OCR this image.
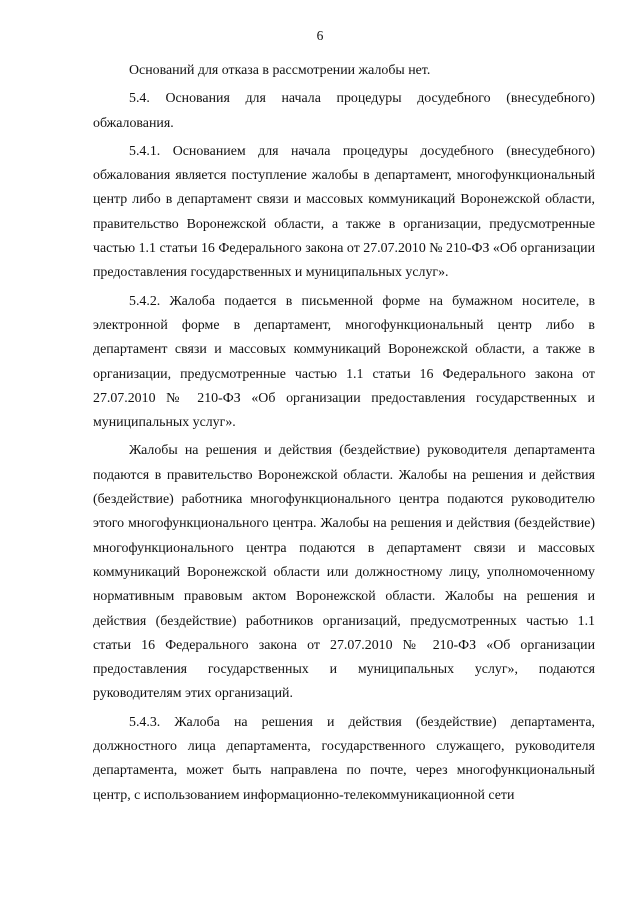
6

Оснований для отказа в рассмотрении жалобы нет.

5.4. Основания для начала процедуры досудебного (внесудебного) обжалования.

5.4.1. Основанием для начала процедуры досудебного (внесудебного) обжалования является поступление жалобы в департамент, многофункциональный центр либо в департамент связи и массовых коммуникаций Воронежской области, правительство Воронежской области, а также в организации, предусмотренные частью 1.1 статьи 16 Федерального закона от 27.07.2010 № 210-ФЗ «Об организации предоставления государственных и муниципальных услуг».

5.4.2. Жалоба подается в письменной форме на бумажном носителе, в электронной форме в департамент, многофункциональный центр либо в департамент связи и массовых коммуникаций Воронежской области, а также в организации, предусмотренные частью 1.1 статьи 16 Федерального закона от 27.07.2010 № 210-ФЗ «Об организации предоставления государственных и муниципальных услуг».

Жалобы на решения и действия (бездействие) руководителя департамента подаются в правительство Воронежской области. Жалобы на решения и действия (бездействие) работника многофункционального центра подаются руководителю этого многофункционального центра. Жалобы на решения и действия (бездействие) многофункционального центра подаются в департамент связи и массовых коммуникаций Воронежской области или должностному лицу, уполномоченному нормативным правовым актом Воронежской области. Жалобы на решения и действия (бездействие) работников организаций, предусмотренных частью 1.1 статьи 16 Федерального закона от 27.07.2010 № 210-ФЗ «Об организации предоставления государственных и муниципальных услуг», подаются руководителям этих организаций.

5.4.3. Жалоба на решения и действия (бездействие) департамента, должностного лица департамента, государственного служащего, руководителя департамента, может быть направлена по почте, через многофункциональный центр, с использованием информационно-телекоммуникационной сети
